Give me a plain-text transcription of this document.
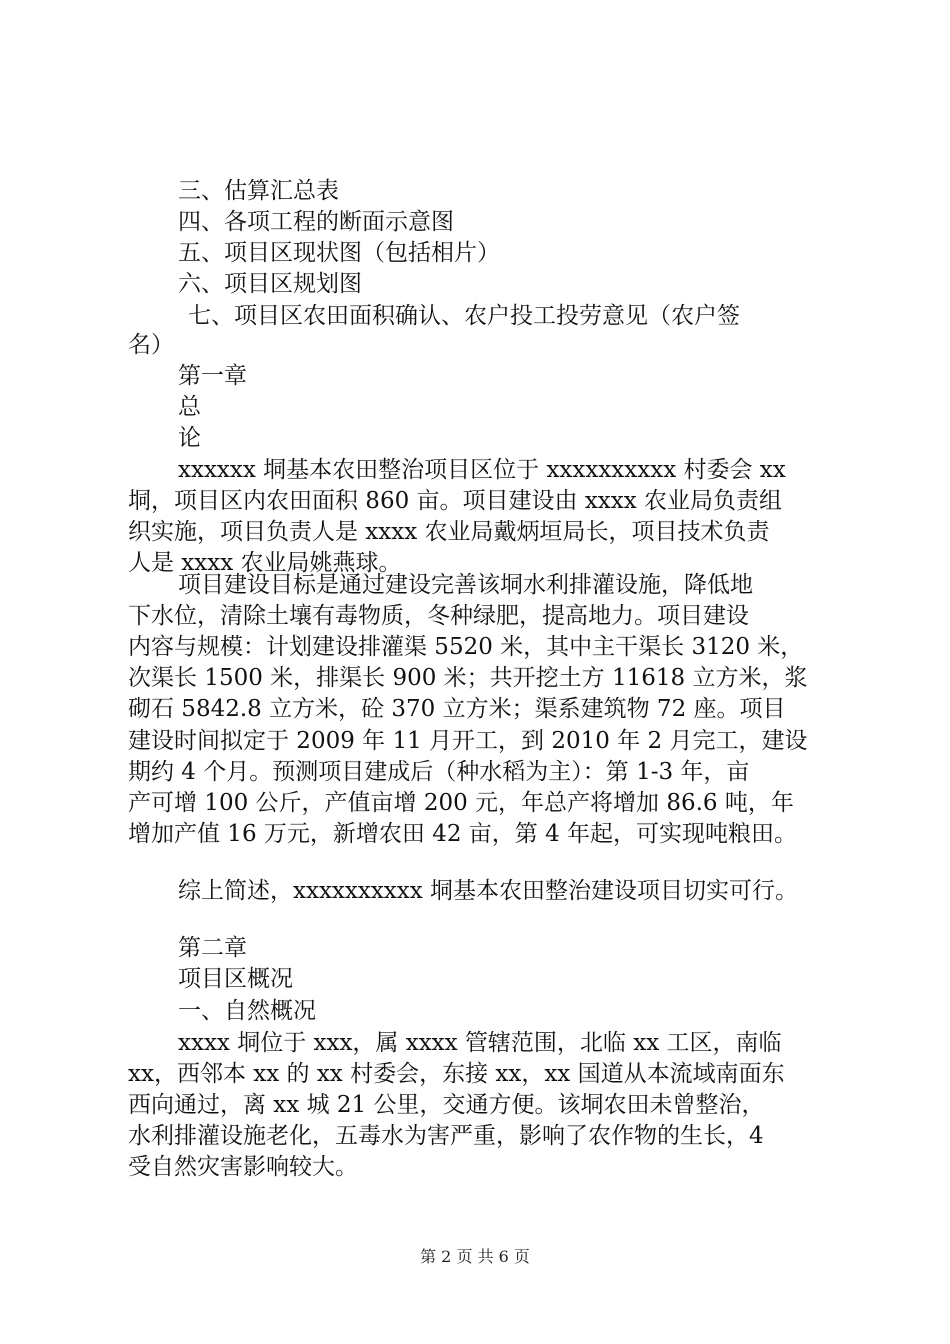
三、估算汇总表
四、各项工程的断面示意图
五、项目区现状图（包括相片）
六、项目区规划图
七、项目区农田面积确认、农户投工投劳意见（农户签
名）
第一章
总
论
xxxxxx 垌基本农田整治项目区位于 xxxxxxxxxx 村委会 xx
垌，项目区内农田面积 860 亩。项目建设由 xxxx 农业局负责组
织实施，项目负责人是 xxxx 农业局戴炳垣局长，项目技术负责
人是 xxxx 农业局姚燕球。
项目建设目标是通过建设完善该垌水利排灌设施，降低地
下水位，清除土壤有毒物质，冬种绿肥，提高地力。项目建设
内容与规模：计划建设排灌渠 5520 米，其中主干渠长 3120 米，
次渠长 1500 米，排渠长 900 米；共开挖土方 11618 立方米，浆
砌石 5842.8 立方米，砼 370 立方米；渠系建筑物 72 座。项目
建设时间拟定于 2009 年 11 月开工，到 2010 年 2 月完工，建设
期约 4 个月。预测项目建成后（种水稻为主）：第 1-3 年，亩
产可增 100 公斤，产值亩增 200 元，年总产将增加 86.6 吨，年
增加产值 16 万元，新增农田 42 亩，第 4 年起，可实现吨粮田。
综上简述，xxxxxxxxxx 垌基本农田整治建设项目切实可行。
第二章
项目区概况
一、自然概况
xxxx 垌位于 xxx，属 xxxx 管辖范围，北临 xx 工区，南临
xx，西邻本 xx 的 xx 村委会，东接 xx，xx 国道从本流域南面东
西向通过，离 xx 城 21 公里，交通方便。该垌农田未曾整治，
水利排灌设施老化，五毒水为害严重，影响了农作物的生长，4
受自然灾害影响较大。
第 2 页 共 6 页
